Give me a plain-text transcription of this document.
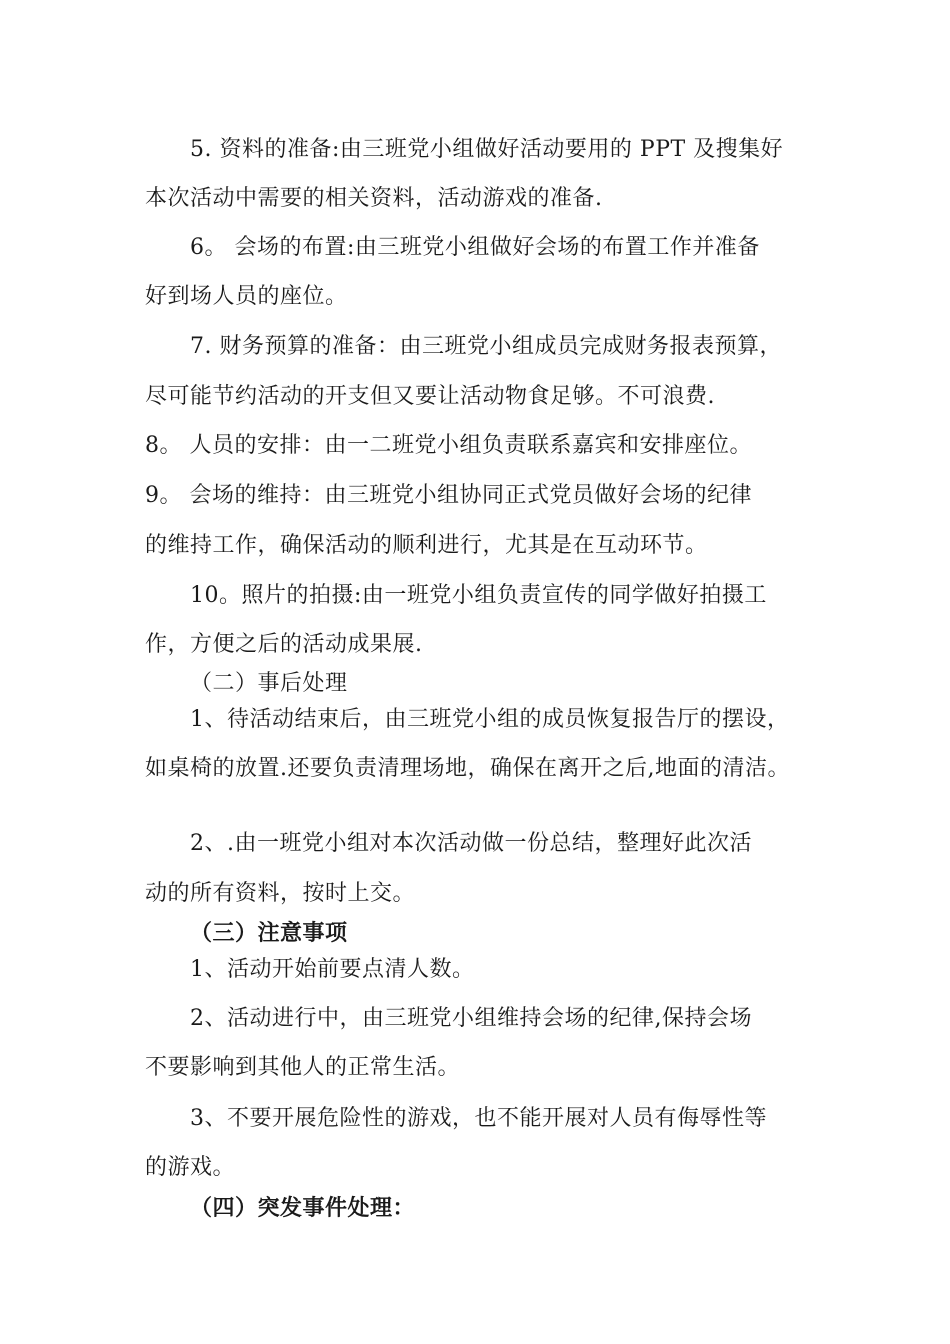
5. 资料的准备:由三班党小组做好活动要用的 PPT 及搜集好
本次活动中需要的相关资料，活动游戏的准备.
6。 会场的布置:由三班党小组做好会场的布置工作并准备
好到场人员的座位。
7. 财务预算的准备：由三班党小组成员完成财务报表预算，
尽可能节约活动的开支但又要让活动物食足够。不可浪费.
8。 人员的安排：由一二班党小组负责联系嘉宾和安排座位。
9。 会场的维持：由三班党小组协同正式党员做好会场的纪律
的维持工作，确保活动的顺利进行，尤其是在互动环节。
10。照片的拍摄:由一班党小组负责宣传的同学做好拍摄工
作，方便之后的活动成果展.
（二）事后处理
1、待活动结束后，由三班党小组的成员恢复报告厅的摆设，
如桌椅的放置.还要负责清理场地，确保在离开之后,地面的清洁。
2、.由一班党小组对本次活动做一份总结，整理好此次活
动的所有资料，按时上交。
（三）注意事项
1、活动开始前要点清人数。
2、活动进行中，由三班党小组维持会场的纪律,保持会场
不要影响到其他人的正常生活。
3、不要开展危险性的游戏，也不能开展对人员有侮辱性等
的游戏。
（四）突发事件处理：
